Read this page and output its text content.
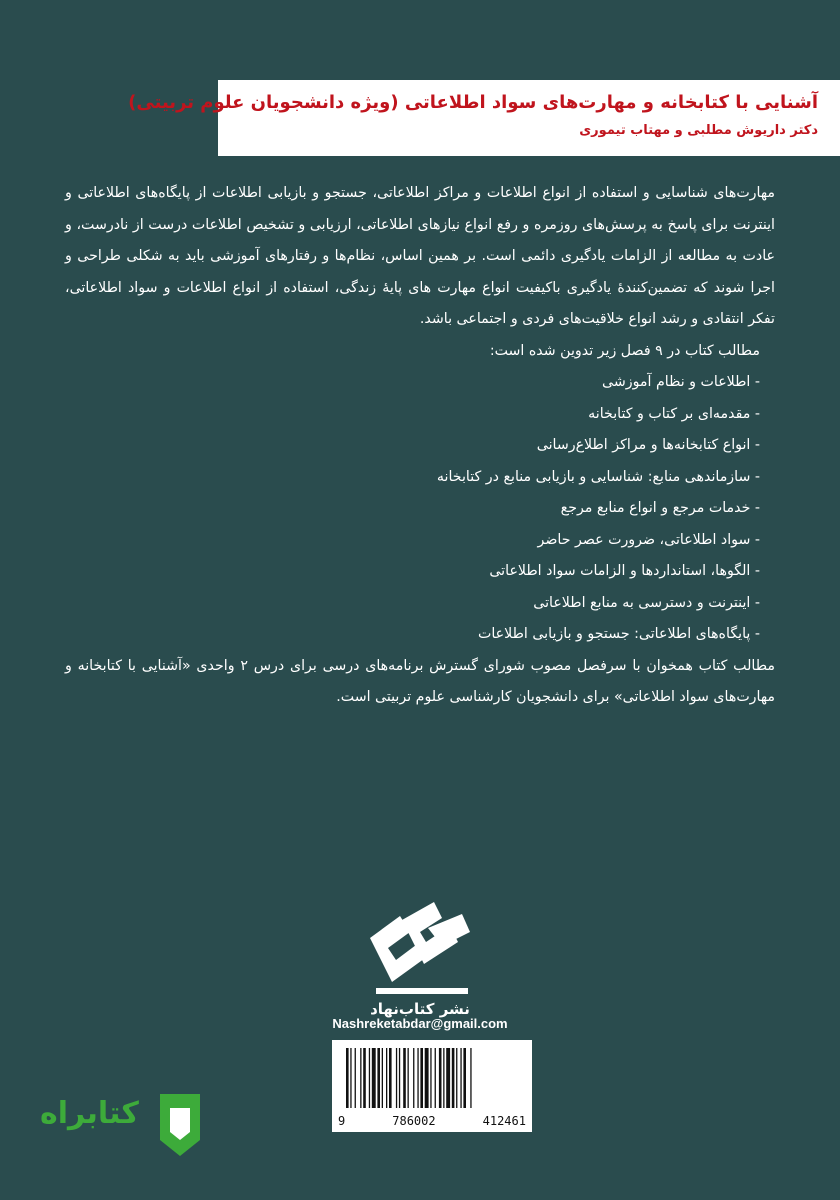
آشنایی با کتابخانه و مهارت‌های سواد اطلاعاتی (ویژه دانشجویان علوم تربیتی)
دکتر داریوش مطلبی و مهتاب تیموری

مهارت‌های شناسایی و استفاده از انواع اطلاعات و مراکز اطلاعاتی، جستجو و بازیابی اطلاعات از پایگاه‌های اطلاعاتی و اینترنت برای پاسخ به پرسش‌های روزمره و رفع انواع نیازهای اطلاعاتی، ارزیابی و تشخیص اطلاعات درست از نادرست، و عادت به مطالعه از الزامات یادگیری دائمی است. بر همین اساس، نظام‌ها و رفتارهای آموزشی باید به شکلی طراحی و اجرا شوند که تضمین‌کنندهٔ یادگیری باکیفیت انواع مهارت های پایهٔ زندگی، استفاده از انواع اطلاعات و سواد اطلاعاتی، تفکر انتقادی و رشد انواع خلاقیت‌های فردی و اجتماعی باشد.

مطالب کتاب در ۹ فصل زیر تدوین شده است:

- اطلاعات و نظام آموزشی
- مقدمه‌ای بر کتاب و کتابخانه
- انواع کتابخانه‌ها و مراکز اطلاع‌رسانی
- سازماندهی منابع: شناسایی و بازیابی منابع در کتابخانه
- خدمات مرجع و انواع منابع مرجع
- سواد اطلاعاتی، ضرورت عصر حاضر
- الگوها، استانداردها و الزامات سواد اطلاعاتی
- اینترنت و دسترسی به منابع اطلاعاتی
- پایگاه‌های اطلاعاتی: جستجو و بازیابی اطلاعات

مطالب کتاب همخوان با سرفصل مصوب شورای گسترش برنامه‌های درسی برای درس ۲ واحدی «آشنایی با کتابخانه و مهارت‌های سواد اطلاعاتی» برای دانشجویان کارشناسی علوم تربیتی است.

نشر کتاب‌نهاد
Nashreketabdar@gmail.com
9	786002	412461
کتابراه
